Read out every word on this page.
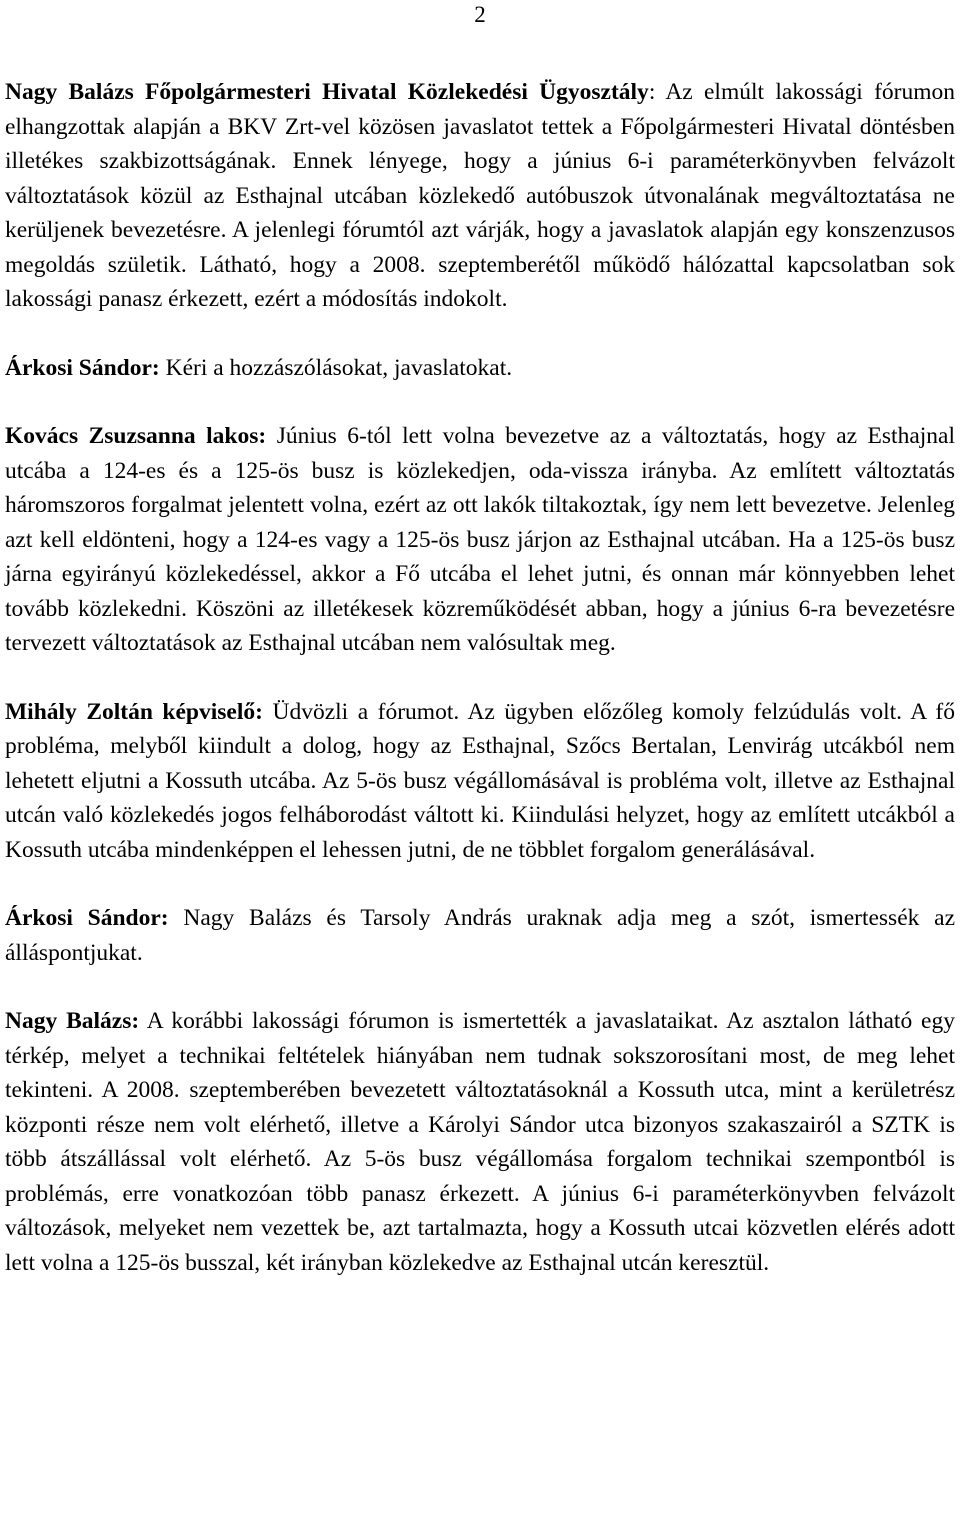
2

Nagy Balázs Főpolgármesteri Hivatal Közlekedési Ügyosztály: Az elmúlt lakossági fórumon elhangzottak alapján a BKV Zrt-vel közösen javaslatot tettek a Főpolgármesteri Hivatal döntésben illetékes szakbizottságának. Ennek lényege, hogy a június 6-i paraméterkönyvben felvázolt változtatások közül az Esthajnal utcában közlekedő autóbuszok útvonalának megváltoztatása ne kerüljenek bevezetésre. A jelenlegi fórumtól azt várják, hogy a javaslatok alapján egy konszenzusos megoldás születik. Látható, hogy a 2008. szeptemberétől működő hálózattal kapcsolatban sok lakossági panasz érkezett, ezért a módosítás indokolt.

Árkosi Sándor: Kéri a hozzászólásokat, javaslatokat.

Kovács Zsuzsanna lakos: Június 6-tól lett volna bevezetve az a változtatás, hogy az Esthajnal utcába a 124-es és a 125-ös busz is közlekedjen, oda-vissza irányba. Az említett változtatás háromszoros forgalmat jelentett volna, ezért az ott lakók tiltakoztak, így nem lett bevezetve. Jelenleg azt kell eldönteni, hogy a 124-es vagy a 125-ös busz járjon az Esthajnal utcában. Ha a 125-ös busz járna egyirányú közlekedéssel, akkor a Fő utcába el lehet jutni, és onnan már könnyebben lehet tovább közlekedni. Köszöni az illetékesek közreműködését abban, hogy a június 6-ra bevezetésre tervezett változtatások az Esthajnal utcában nem valósultak meg.

Mihály Zoltán képviselő: Üdvözli a fórumot. Az ügyben előzőleg komoly felzúdulás volt. A fő probléma, melyből kiindult a dolog, hogy az Esthajnal, Szőcs Bertalan, Lenvirág utcákból nem lehetett eljutni a Kossuth utcába. Az 5-ös busz végállomásával is probléma volt, illetve az Esthajnal utcán való közlekedés jogos felháborodást váltott ki. Kiindulási helyzet, hogy az említett utcákból a Kossuth utcába mindenképpen el lehessen jutni, de ne többlet forgalom generálásával.

Árkosi Sándor: Nagy Balázs és Tarsoly András uraknak adja meg a szót, ismertessék az álláspontjukat.

Nagy Balázs: A korábbi lakossági fórumon is ismertették a javaslataikat. Az asztalon látható egy térkép, melyet a technikai feltételek hiányában nem tudnak sokszorosítani most, de meg lehet tekinteni. A 2008. szeptemberében bevezetett változtatásoknál a Kossuth utca, mint a kerületrész központi része nem volt elérhető, illetve a Károlyi Sándor utca bizonyos szakaszairól a SZTK is több átszállással volt elérhető. Az 5-ös busz végállomása forgalom technikai szempontból is problémás, erre vonatkozóan több panasz érkezett. A június 6-i paraméterkönyvben felvázolt változások, melyeket nem vezettek be, azt tartalmazta, hogy a Kossuth utcai közvetlen elérés adott lett volna a 125-ös busszal, két irányban közlekedve az Esthajnal utcán keresztül.
